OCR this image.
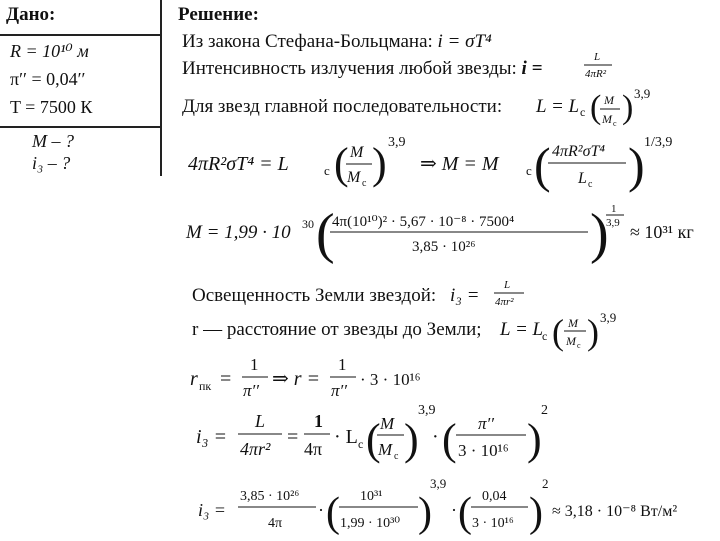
Дано:
R = 10¹⁰ м
π′′ = 0,04′′
T = 7500 К
M – ?
i₃ – ?
Решение:
Из закона Стефана-Больцмана: i = σT⁴
Интенсивность излучения любой звезды: i =
L
4πR²
Для звезд главной последовательности: L = L c ( M
M c ) 3,9
4πR²σT⁴ = L	c ( M
M c ) 3,9
⇒ M = M c ( 4πR²σT⁴
L c ) 1/3,9
M = 1,99 · 10 30 (
4π(10¹⁰)² · 5,67 · 10⁻⁸ · 7500⁴
3,85 · 10²⁶ ) 1
3,9 ≈ 10³¹ кг
Освещенность Земли звездой: i₃ = L
4πr²
r — расстояние от звезды до Земли; L = L
c ( M
M c ) 3,9
r пк =
1
π′′
⇒ r =
1
π′′
· 3 · 10¹⁶
i₃ =
L
4πr²
=
1
4π
· L c ( M
M c )
3,9
· ( π′′
3 · 10¹⁶ )
2
i₃ =
3,85 · 10²⁶
4π
· ( 10³¹
1,99 · 10³⁰ )
3,9
· ( 0,04
3 · 10¹⁶ )
2
≈ 3,18 · 10⁻⁸ Вт/м²
